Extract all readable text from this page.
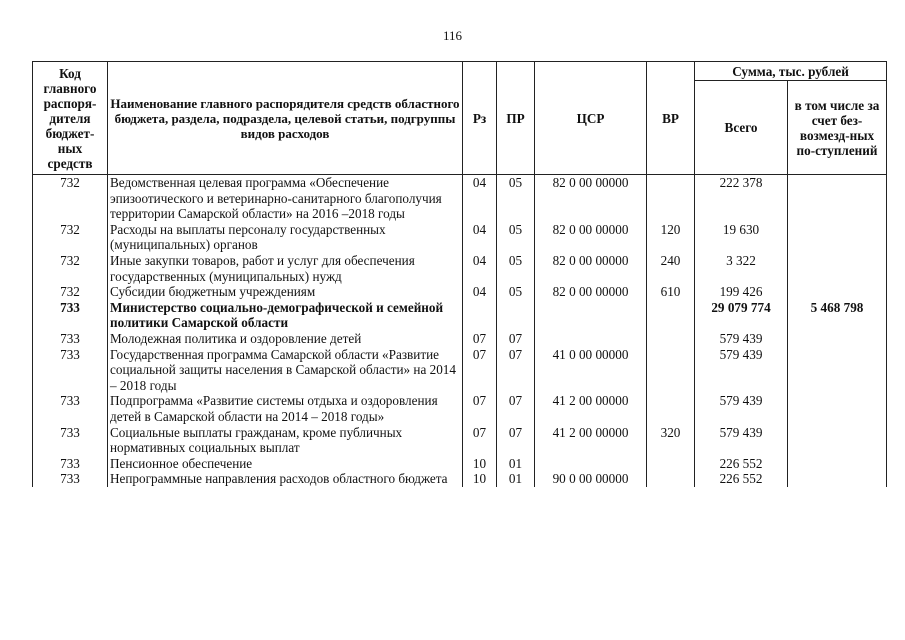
116
Код главного распоря-дителя бюджет-ных средств	Наименование главного распорядителя средств областного бюджета, раздела, подраздела, целевой статьи, подгруппы видов расходов	Рз	ПР	ЦСР	ВР	Сумма, тыс. рублей	
						Всего	в том числе за счет без-возмезд-ных по-ступлений
732	Ведомственная целевая программа «Обеспечение эпизоотического и ветеринарно-санитарного благополучия территории Самарской области» на 2016 –2018 годы	04	05	82 0 00 00000		222 378	
732	Расходы на выплаты персоналу государственных (муниципальных) органов	04	05	82 0 00 00000	120	19 630	
732	Иные закупки товаров, работ и услуг для обеспечения государственных (муниципальных) нужд	04	05	82 0 00 00000	240	3 322	
732	Субсидии бюджетным учреждениям	04	05	82 0 00 00000	610	199 426	
733	Министерство социально-демографической и семейной политики Самарской области					29 079 774	5 468 798
733	Молодежная политика и оздоровление детей	07	07			579 439	
733	Государственная программа Самарской области «Развитие социальной защиты населения в Самарской области» на 2014 – 2018 годы	07	07	41 0 00 00000		579 439	
733	Подпрограмма «Развитие системы отдыха и оздоровления детей в Самарской области на 2014 – 2018 годы»	07	07	41 2 00 00000		579 439	
733	Социальные выплаты гражданам, кроме публичных нормативных социальных выплат	07	07	41 2 00 00000	320	579 439	
733	Пенсионное обеспечение	10	01			226 552	
733	Непрограммные направления расходов областного бюджета	10	01	90 0 00 00000		226 552	
